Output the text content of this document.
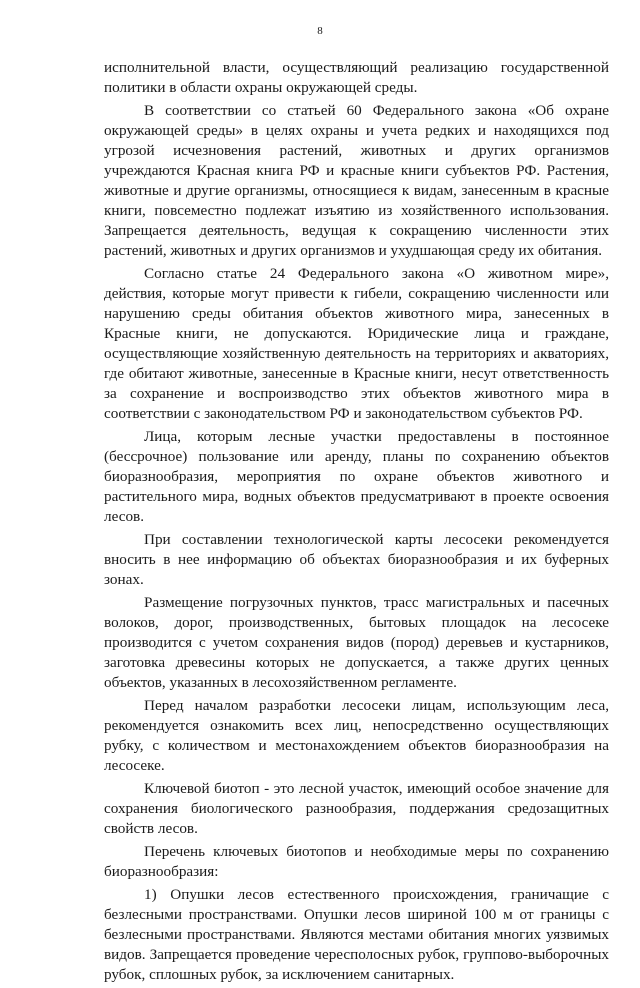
8

исполнительной власти, осуществляющий реализацию государственной политики в области охраны окружающей среды.

В соответствии со статьей 60 Федерального закона «Об охране окружающей среды» в целях охраны и учета редких и находящихся под угрозой исчезновения растений, животных и других организмов учреждаются Красная книга РФ и красные книги субъектов РФ. Растения, животные и другие организмы, относящиеся к видам, занесенным в красные книги, повсеместно подлежат изъятию из хозяйственного использования. Запрещается деятельность, ведущая к сокращению численности этих растений, животных и других организмов и ухудшающая среду их обитания.

Согласно статье 24 Федерального закона «О животном мире», действия, которые могут привести к гибели, сокращению численности или нарушению среды обитания объектов животного мира, занесенных в Красные книги, не допускаются. Юридические лица и граждане, осуществляющие хозяйственную деятельность на территориях и акваториях, где обитают животные, занесенные в Красные книги, несут ответственность за сохранение и воспроизводство этих объектов животного мира в соответствии с законодательством РФ и законодательством субъектов РФ.

Лица, которым лесные участки предоставлены в постоянное (бессрочное) пользование или аренду, планы по сохранению объектов биоразнообразия, мероприятия по охране объектов животного и растительного мира, водных объектов предусматривают в проекте освоения лесов.

При составлении технологической карты лесосеки рекомендуется вносить в нее информацию об объектах биоразнообразия и их буферных зонах.

Размещение погрузочных пунктов, трасс магистральных и пасечных волоков, дорог, производственных, бытовых площадок на лесосеке производится с учетом сохранения видов (пород) деревьев и кустарников, заготовка древесины которых не допускается, а также других ценных объектов, указанных в лесохозяйственном регламенте.

Перед началом разработки лесосеки лицам, использующим леса, рекомендуется ознакомить всех лиц, непосредственно осуществляющих рубку, с количеством и местонахождением объектов биоразнообразия на лесосеке.

Ключевой биотоп - это лесной участок, имеющий особое значение для сохранения биологического разнообразия, поддержания средозащитных свойств лесов.

Перечень ключевых биотопов и необходимые меры по сохранению биоразнообразия:

1) Опушки лесов естественного происхождения, граничащие с безлесными пространствами. Опушки лесов шириной 100 м от границы с безлесными пространствами. Являются местами обитания многих уязвимых видов. Запрещается проведение чересполосных рубок, группово-выборочных рубок, сплошных рубок, за исключением санитарных.
